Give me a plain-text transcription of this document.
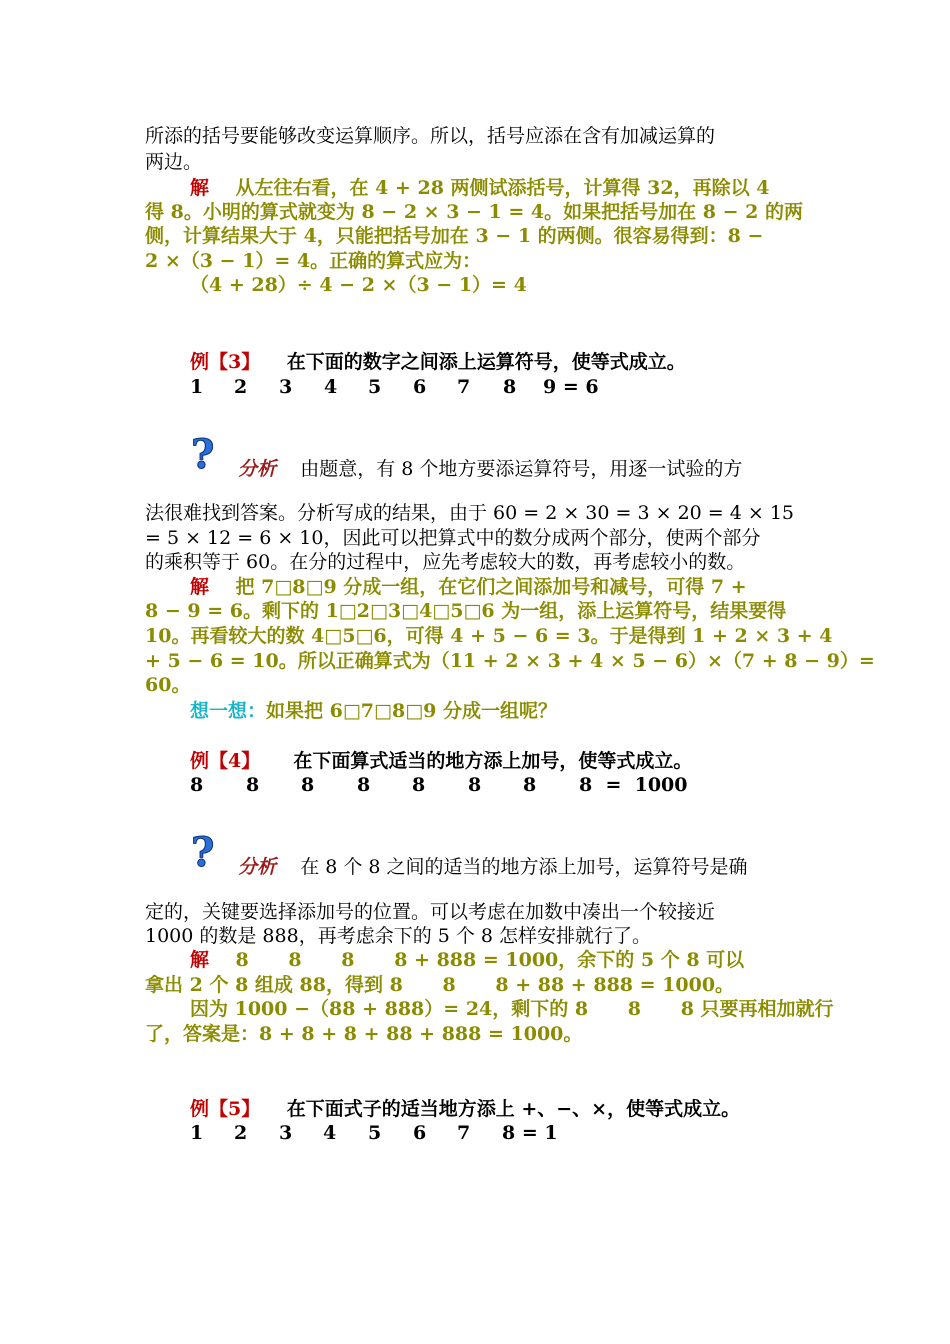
所添的括号要能够改变运算顺序。所以，括号应添在含有加减运算的
两边。
解 从左往右看，在 4 + 28 两侧试添括号，计算得 32，再除以 4
得 8。小明的算式就变为 8 − 2 × 3 − 1 = 4。如果把括号加在 8 − 2 的两
侧，计算结果大于 4，只能把括号加在 3 − 1 的两侧。很容易得到：8 −
2 ×（3 − 1）= 4。正确的算式应为：
（4 + 28）÷ 4 − 2 ×（3 − 1）= 4
例【3】 在下面的数字之间添上运算符号，使等式成立。
1 2 3 4 5 6 7 8 9 = 6
? 分析 由题意，有 8 个地方要添运算符号，用逐一试验的方
法很难找到答案。分析写成的结果，由于 60 = 2 × 30 = 3 × 20 = 4 × 15
= 5 × 12 = 6 × 10，因此可以把算式中的数分成两个部分，使两个部分
的乘积等于 60。在分的过程中，应先考虑较大的数，再考虑较小的数。
解 把 7□8□9 分成一组，在它们之间添加号和减号，可得 7 +
8 − 9 = 6。剩下的 1□2□3□4□5□6 为一组，添上运算符号，结果要得
10。再看较大的数 4□5□6，可得 4 + 5 − 6 = 3。于是得到 1 + 2 × 3 + 4
+ 5 − 6 = 10。所以正确算式为（11 + 2 × 3 + 4 × 5 − 6）×（7 + 8 − 9）=
60。
想一想：如果把 6□7□8□9 分成一组呢？
例【4】 在下面算式适当的地方添上加号，使等式成立。
8 8 8 8 8 8 8 8  =  1000
? 分析 在 8 个 8 之间的适当的地方添上加号，运算符号是确
定的，关键要选择添加号的位置。可以考虑在加数中凑出一个较接近
1000 的数是 888，再考虑余下的 5 个 8 怎样安排就行了。
解 8      8      8      8 + 888 = 1000，余下的 5 个 8 可以
拿出 2 个 8 组成 88，得到 8      8      8 + 88 + 888 = 1000。
因为 1000 −（88 + 888）= 24，剩下的 8      8      8 只要再相加就行
了，答案是：8 + 8 + 8 + 88 + 888 = 1000。
例【5】 在下面式子的适当地方添上 +、−、×，使等式成立。
1 2 3 4 5 6 7 8 = 1
